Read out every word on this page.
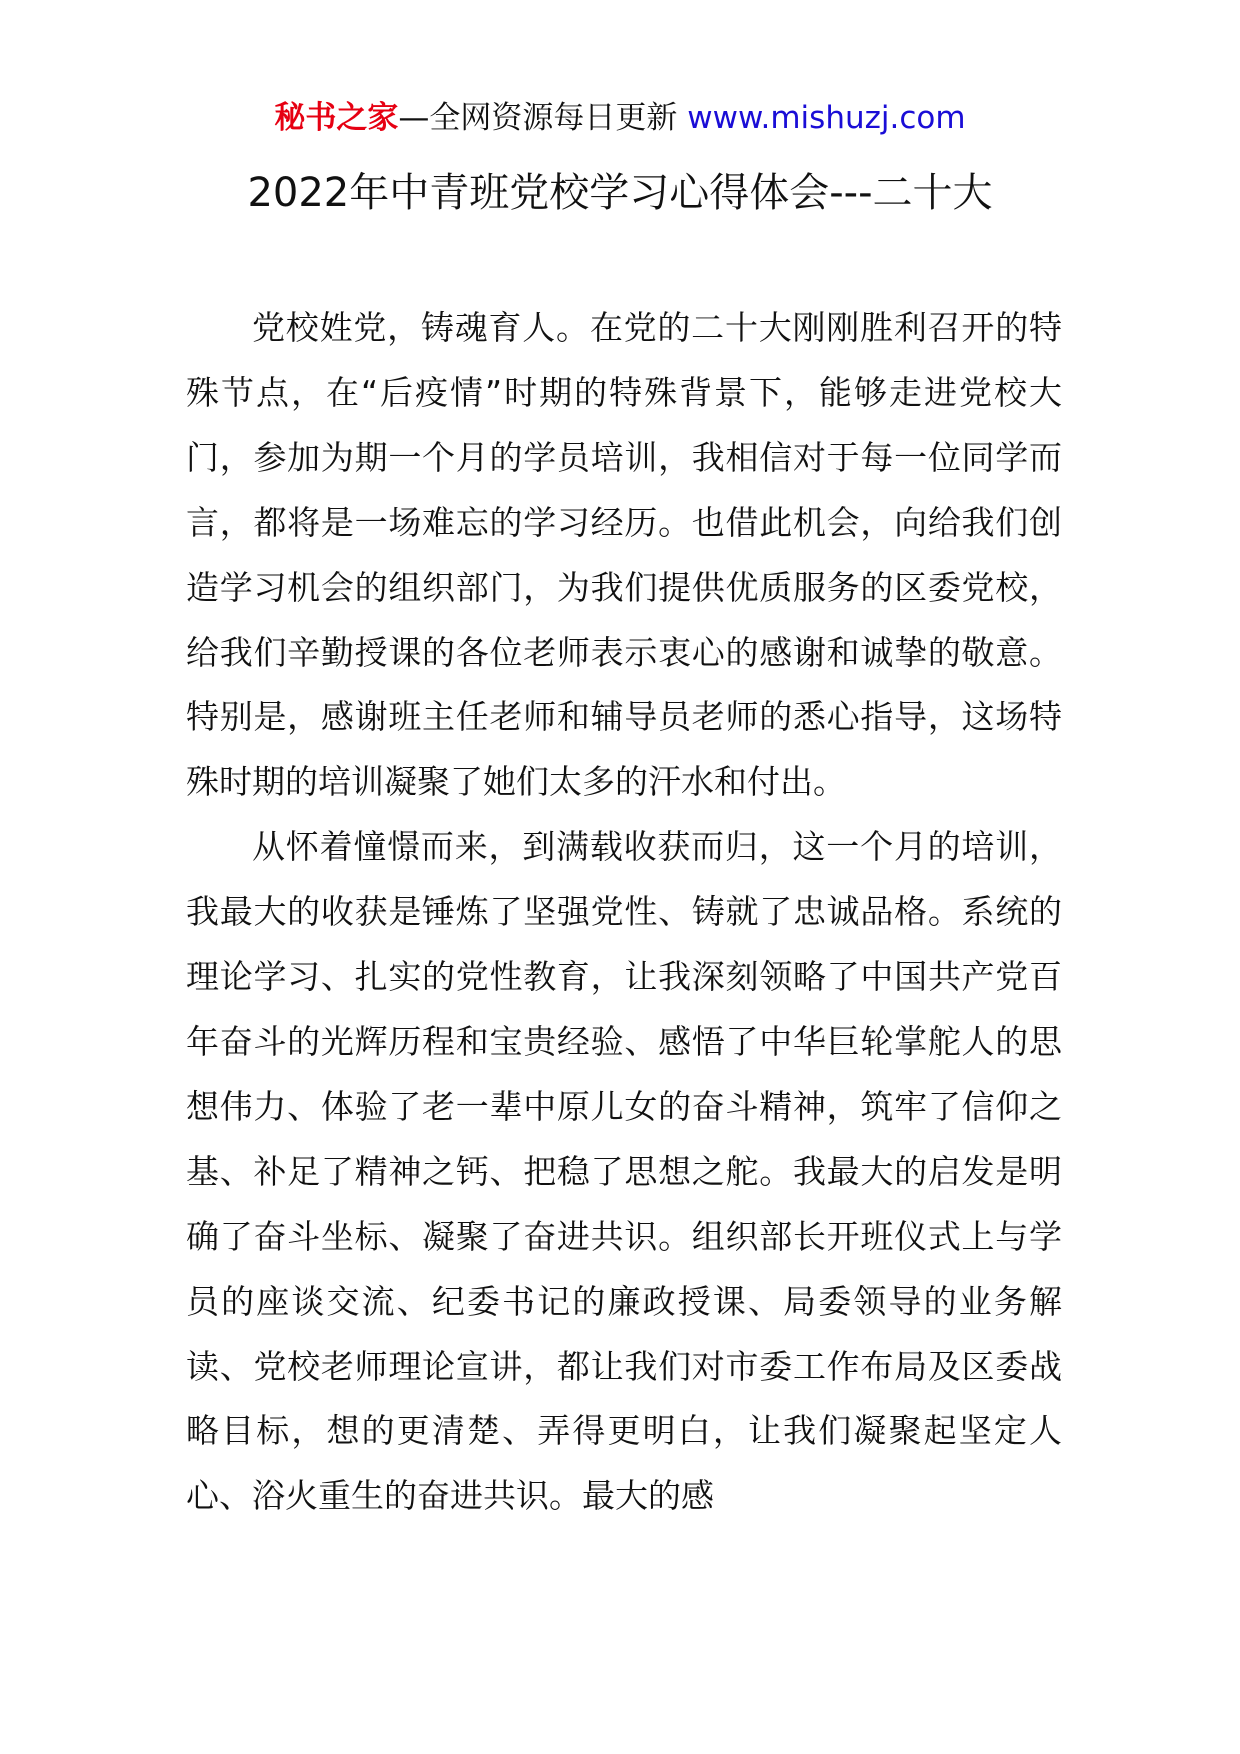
秘书之家—全网资源每日更新 www.mishuzj.com
2022年中青班党校学习心得体会---二十大

党校姓党，铸魂育人。在党的二十大刚刚胜利召开的特殊节点，在“后疫情”时期的特殊背景下，能够走进党校大门，参加为期一个月的学员培训，我相信对于每一位同学而言，都将是一场难忘的学习经历。也借此机会，向给我们创造学习机会的组织部门，为我们提供优质服务的区委党校，给我们辛勤授课的各位老师表示衷心的感谢和诚挚的敬意。特别是，感谢班主任老师和辅导员老师的悉心指导，这场特殊时期的培训凝聚了她们太多的汗水和付出。

从怀着憧憬而来，到满载收获而归，这一个月的培训，我最大的收获是锤炼了坚强党性、铸就了忠诚品格。系统的理论学习、扎实的党性教育，让我深刻领略了中国共产党百年奋斗的光辉历程和宝贵经验、感悟了中华巨轮掌舵人的思想伟力、体验了老一辈中原儿女的奋斗精神，筑牢了信仰之基、补足了精神之钙、把稳了思想之舵。我最大的启发是明确了奋斗坐标、凝聚了奋进共识。组织部长开班仪式上与学员的座谈交流、纪委书记的廉政授课、局委领导的业务解读、党校老师理论宣讲，都让我们对市委工作布局及区委战略目标，想的更清楚、弄得更明白，让我们凝聚起坚定人心、浴火重生的奋进共识。最大的感
